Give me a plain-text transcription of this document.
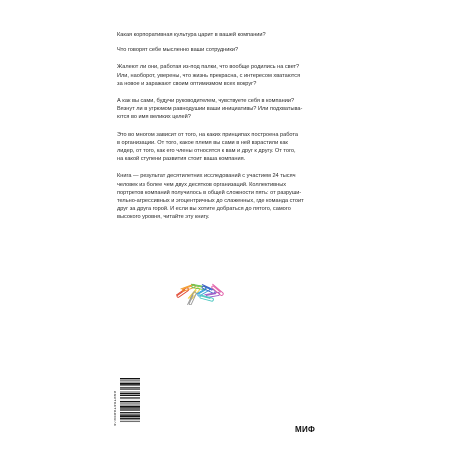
Какая корпоративная культура царит в вашей компании?

Что говорят себе мысленно ваши сотрудники?

Жалеют ли они, работая из-под палки, что вообще родились на свет?
Или, наоборот, уверены, что жизнь прекрасна, с интересом хватаются
за новое и заражают своим оптимизмом всех вокруг?

А как вы сами, будучи руководителем, чувствуете себя в компании?
Вязнут ли в угрюмом равнодушии ваши инициативы? Или подхватыва-
ются во имя великих целей?

Это во многом зависит от того, на каких принципах построена работа
в организации. От того, какое племя вы сами в ней взрастили как
лидер, от того, как его члены относятся к вам и друг к другу. От того,
на какой ступени развития стоит ваша компания.

Книга — результат десятилетних исследований с участием 24 тысяч
человек из более чем двух десятков организаций. Коллективных
портретов компаний получилось в общей сложности пять: от разруши-
тельно-агрессивных и эгоцентричных до слаженных, где команда стоит
друг за друга горой. И если вы хотите добраться до пятого, самого
высокого уровня, читайте эту книгу.

9785001951869
МИФ
